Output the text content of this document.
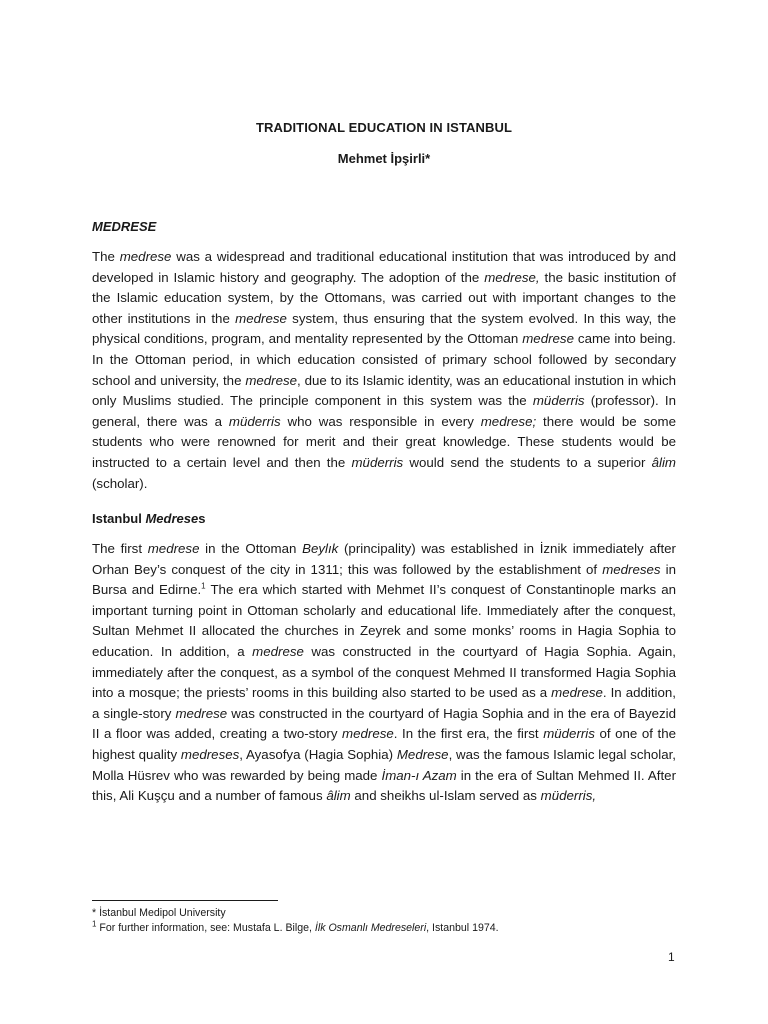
TRADITIONAL EDUCATION IN ISTANBUL
Mehmet İpşirli*
MEDRESE

The medrese was a widespread and traditional educational institution that was introduced by and developed in Islamic history and geography. The adoption of the medrese, the basic institution of the Islamic education system, by the Ottomans, was carried out with important changes to the other institutions in the medrese system, thus ensuring that the system evolved. In this way, the physical conditions, program, and mentality represented by the Ottoman medrese came into being. In the Ottoman period, in which education consisted of primary school followed by secondary school and university, the medrese, due to its Islamic identity, was an educational instution in which only Muslims studied. The principle component in this system was the müderris (professor). In general, there was a müderris who was responsible in every medrese; there would be some students who were renowned for merit and their great knowledge. These students would be instructed to a certain level and then the müderris would send the students to a superior âlim (scholar).

Istanbul Medreses

The first medrese in the Ottoman Beylık (principality) was established in İznik immediately after Orhan Bey’s conquest of the city in 1311; this was followed by the establishment of medreses in Bursa and Edirne.$^1$ The era which started with Mehmet II’s conquest of Constantinople marks an important turning point in Ottoman scholarly and educational life. Immediately after the conquest, Sultan Mehmet II allocated the churches in Zeyrek and some monks’ rooms in Hagia Sophia to education. In addition, a medrese was constructed in the courtyard of Hagia Sophia. Again, immediately after the conquest, as a symbol of the conquest Mehmed II transformed Hagia Sophia into a mosque; the priests’ rooms in this building also started to be used as a medrese. In addition, a single-story medrese was constructed in the courtyard of Hagia Sophia and in the era of Bayezid II a floor was added, creating a two-story medrese. In the first era, the first müderris of one of the highest quality medreses, Ayasofya (Hagia Sophia) Medrese, was the famous Islamic legal scholar, Molla Hüsrev who was rewarded by being made İman-ı Azam in the era of Sultan Mehmed II. After this, Ali Kuşçu and a number of famous âlim and sheikhs ul-Islam served as müderris,

* İstanbul Medipol University
$^1$ For further information, see: Mustafa L. Bilge, İlk Osmanlı Medreseleri, Istanbul 1974.
1
